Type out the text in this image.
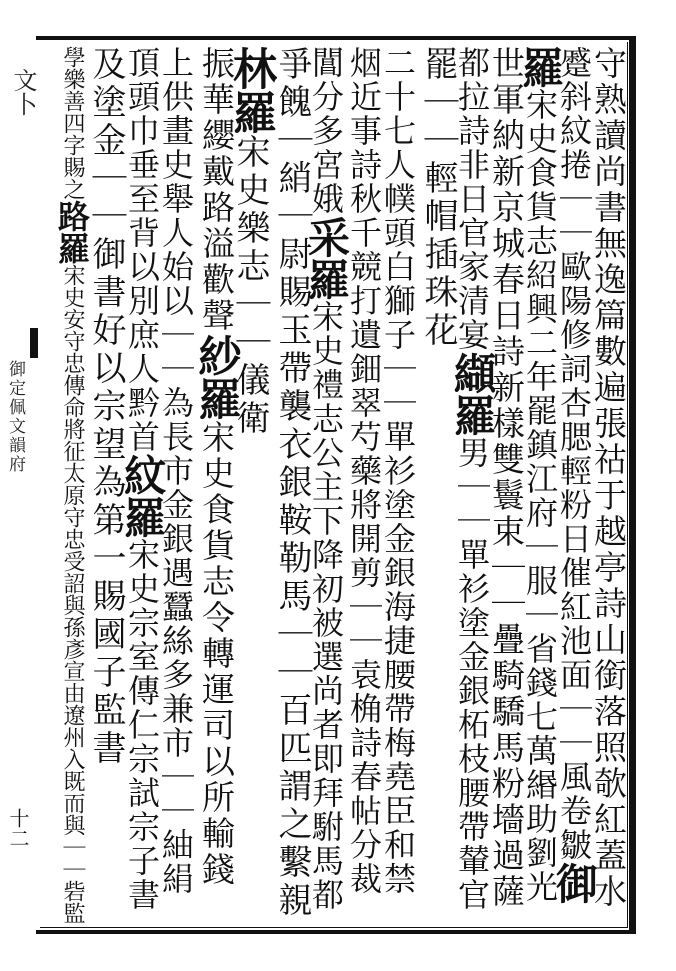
文卜
御定佩文韻府
十二	守熟讀尚書無逸篇數遍張祜于越亭詩山銜落照欹紅蓋水
蹙斜紋捲｜｜歐陽修詞杏腮輕粉日催紅池面｜｜風卷皺
御
羅
宋史食貨志紹興二年罷鎮江府｜服｜省錢七萬緡助劉光
世軍納新京城春日詩新樣雙鬟束｜｜疊騎驕馬粉墻過薩
都拉詩非日官家清宴
纈羅
男｜｜單衫塗金銀柘枝腰帶輦官
罷｜｜輕帽插珠花
二十七人幞頭白獅子｜｜單衫塗金銀海捷腰帶梅堯臣和禁
烟近事詩秋千競打遺鈿翠芍藥將開剪｜｜袁桷詩春帖分裁
閶分多宮娥
采羅
宋史禮志公主下降初被選尚者即拜駙馬都
爭餽｜綃｜
尉賜玉帶襲衣銀鞍勒馬｜｜百匹謂之繫親
林羅
宋史樂志｜｜儀衛
振華纓戴路溢歡聲
紗羅
宋史食貨志令轉運司以所輸錢
上供畫史舉人始以｜｜為長
市金銀遇蠶絲多兼市｜｜紬絹
頂頭巾垂至背以別庶人黔首
紋羅
宋史宗室傳仁宗試宗子書
及塗金｜｜御書好
以宗望為第一賜國子監書
學樂善四字賜之
路羅
宋史安守忠傳命將征太原守忠受詔
與孫彥宣由遼州入既而與｜｜砦監
